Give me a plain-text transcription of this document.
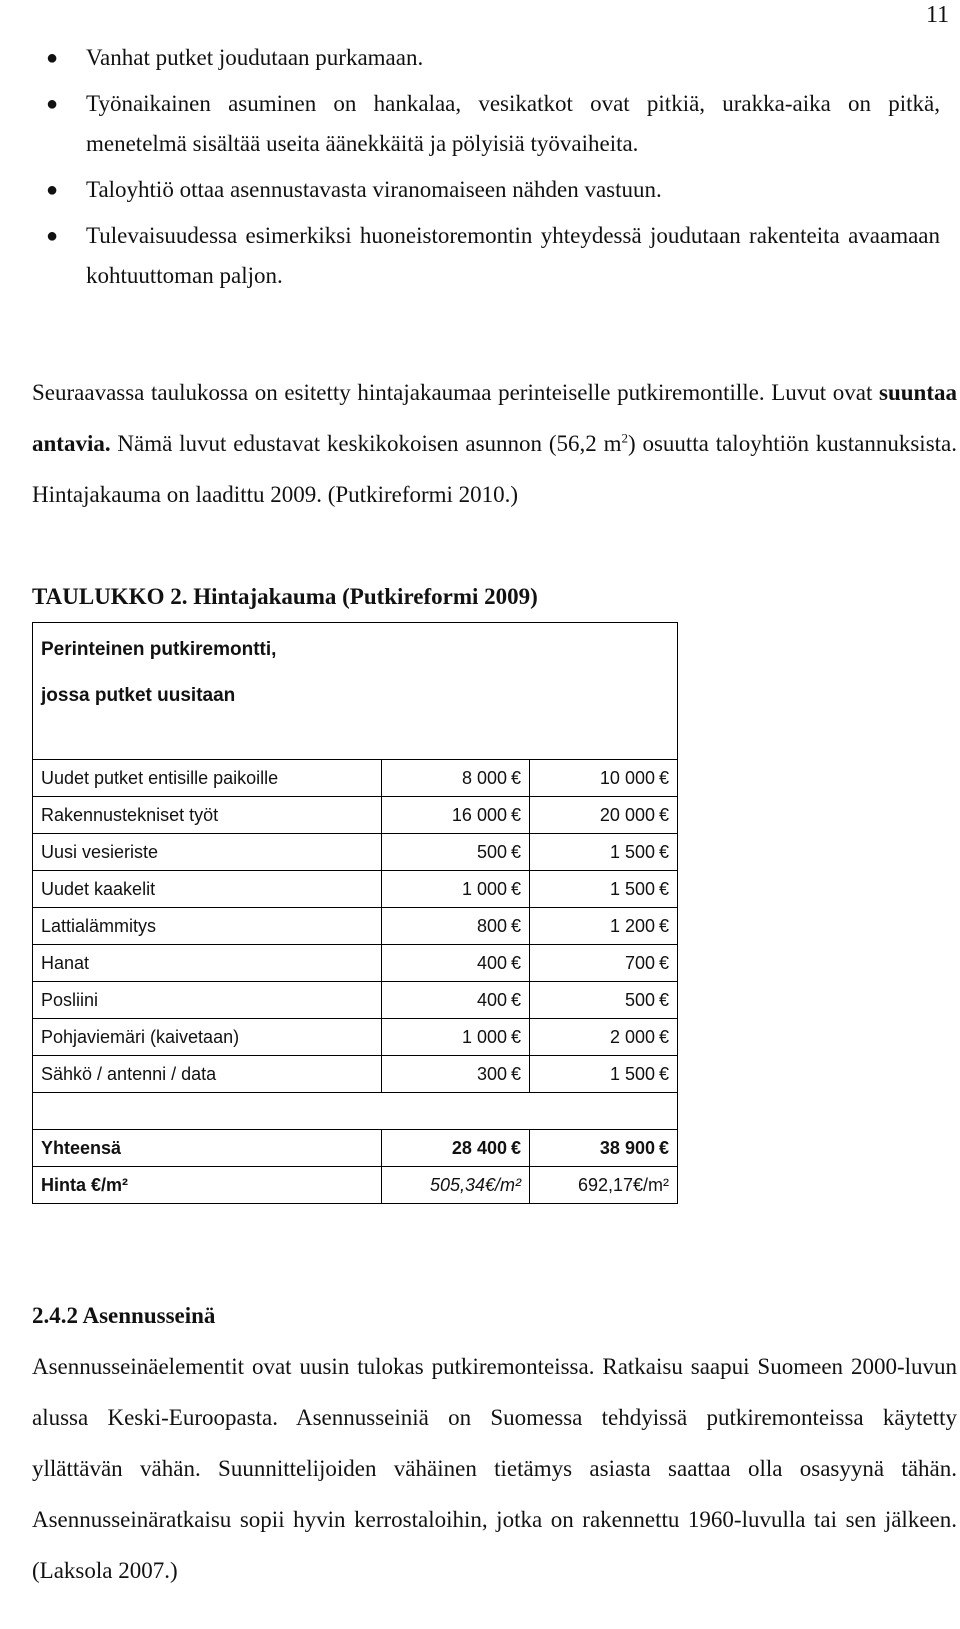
11
● Vanhat putket joudutaan purkamaan.
● Työnaikainen asuminen on hankalaa, vesikatkot ovat pitkiä, urakka-aika on pitkä, menetelmä sisältää useita äänekkäitä ja pölyisiä työvaiheita.
● Taloyhtiö ottaa asennustavasta viranomaiseen nähden vastuun.
● Tulevaisuudessa esimerkiksi huoneistoremontin yhteydessä joudutaan rakenteita avaamaan kohtuuttoman paljon.

Seuraavassa taulukossa on esitetty hintajakaumaa perinteiselle putkiremontille. Luvut ovat suuntaa antavia. Nämä luvut edustavat keskikokoisen asunnon (56,2 $m^2$) osuutta taloyhtiön kustannuksista. Hintajakauma on laadittu 2009. (Putkireformi 2010.)

TAULUKKO 2. Hintajakauma (Putkireformi 2009)

Perinteinen putkiremontti,
jossa putket uusitaan		

Uudet putket entisille paikoille	8 000 €	10 000 €
Rakennustekniset työt	16 000 €	20 000 €
Uusi vesieriste	500 €	1 500 €
Uudet kaakelit	1 000 €	1 500 €
Lattialämmitys	800 €	1 200 €
Hanat	400 €	700 €
Posliini	400 €	500 €
Pohjaviemäri (kaivetaan)	1 000 €	2 000 €
Sähkö / antenni / data	300 €	1 500 €

Yhteensä	28 400 €	38 900 €
Hinta €/m²	505,34€/m²	692,17€/m²

2.4.2 Asennusseinä

Asennusseinäelementit ovat uusin tulokas putkiremonteissa. Ratkaisu saapui Suomeen 2000-luvun alussa Keski-Euroopasta. Asennusseiniä on Suomessa tehdyissä putkiremonteissa käytetty yllättävän vähän. Suunnittelijoiden vähäinen tietämys asiasta saattaa olla osasyynä tähän. Asennusseinäratkaisu sopii hyvin kerrostaloihin, jotka on rakennettu 1960-luvulla tai sen jälkeen. (Laksola 2007.)
